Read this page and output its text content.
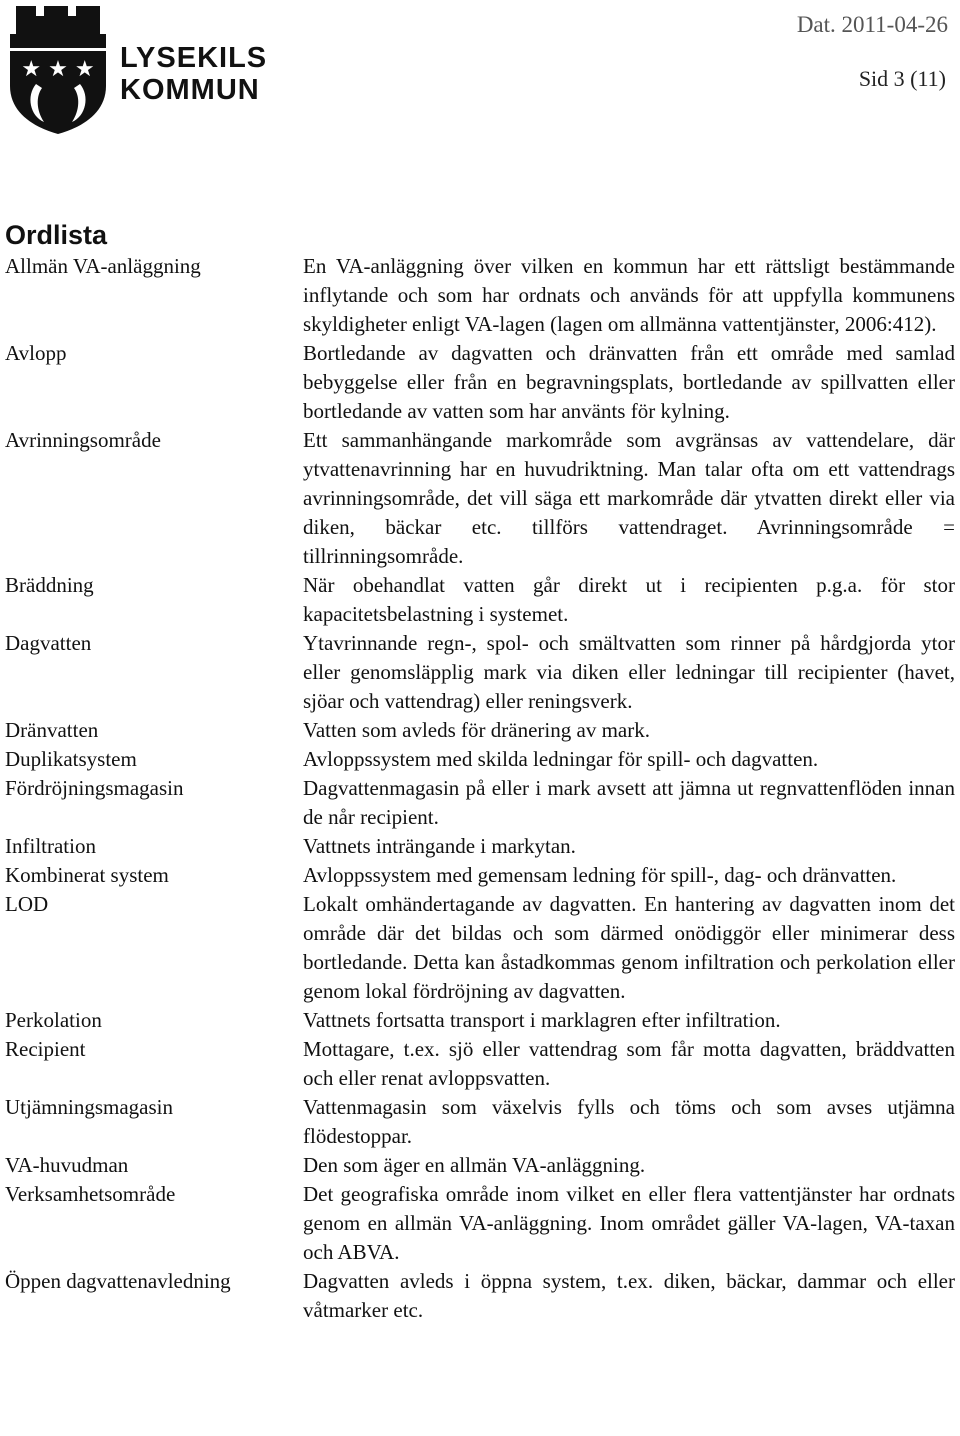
★ ★ ★ LYSEKILS
KOMMUN
Dat. 2011-04-26
Sid 3 (11)
Ordlista
Allmän VA-anläggning	En VA-anläggning över vilken en kommun har ett rättsligt bestämmande inflytande och som har ordnats och används för att uppfylla kommunens skyldigheter enligt VA-lagen (lagen om allmänna vattentjänster, 2006:412).
Avlopp	Bortledande av dagvatten och dränvatten från ett område med samlad bebyggelse eller från en begravningsplats, bortledande av spillvatten eller bortledande av vatten som har använts för kylning.
Avrinningsområde	Ett sammanhängande markområde som avgränsas av vattendelare, där ytvattenavrinning har en huvudriktning. Man talar ofta om ett vattendrags avrinningsområde, det vill säga ett markområde där ytvatten direkt eller via diken, bäckar etc. tillförs vattendraget. Avrinningsområde = tillrinningsområde.
Bräddning	När obehandlat vatten går direkt ut i recipienten p.g.a. för stor kapacitetsbelastning i systemet.
Dagvatten	Ytavrinnande regn-, spol- och smältvatten som rinner på hårdgjorda ytor eller genomsläpplig mark via diken eller ledningar till recipienter (havet, sjöar och vattendrag) eller reningsverk.
Dränvatten	Vatten som avleds för dränering av mark.
Duplikatsystem	Avloppssystem med skilda ledningar för spill- och dagvatten.
Fördröjningsmagasin	Dagvattenmagasin på eller i mark avsett att jämna ut regnvattenflöden innan de når recipient.
Infiltration	Vattnets inträngande i markytan.
Kombinerat system	Avloppssystem med gemensam ledning för spill-, dag- och dränvatten.
LOD	Lokalt omhändertagande av dagvatten. En hantering av dagvatten inom det område där det bildas och som därmed onödiggör eller minimerar dess bortledande. Detta kan åstadkommas genom infiltration och perkolation eller genom lokal fördröjning av dagvatten.
Perkolation	Vattnets fortsatta transport i marklagren efter infiltration.
Recipient	Mottagare, t.ex. sjö eller vattendrag som får motta dagvatten, bräddvatten och eller renat avloppsvatten.
Utjämningsmagasin	Vattenmagasin som växelvis fylls och töms och som avses utjämna flödestoppar.
VA-huvudman	Den som äger en allmän VA-anläggning.
Verksamhetsområde	Det geografiska område inom vilket en eller flera vattentjänster har ordnats genom en allmän VA-anläggning. Inom området gäller VA-lagen, VA-taxan och ABVA.
Öppen dagvattenavledning	Dagvatten avleds i öppna system, t.ex. diken, bäckar, dammar och eller våtmarker etc.
